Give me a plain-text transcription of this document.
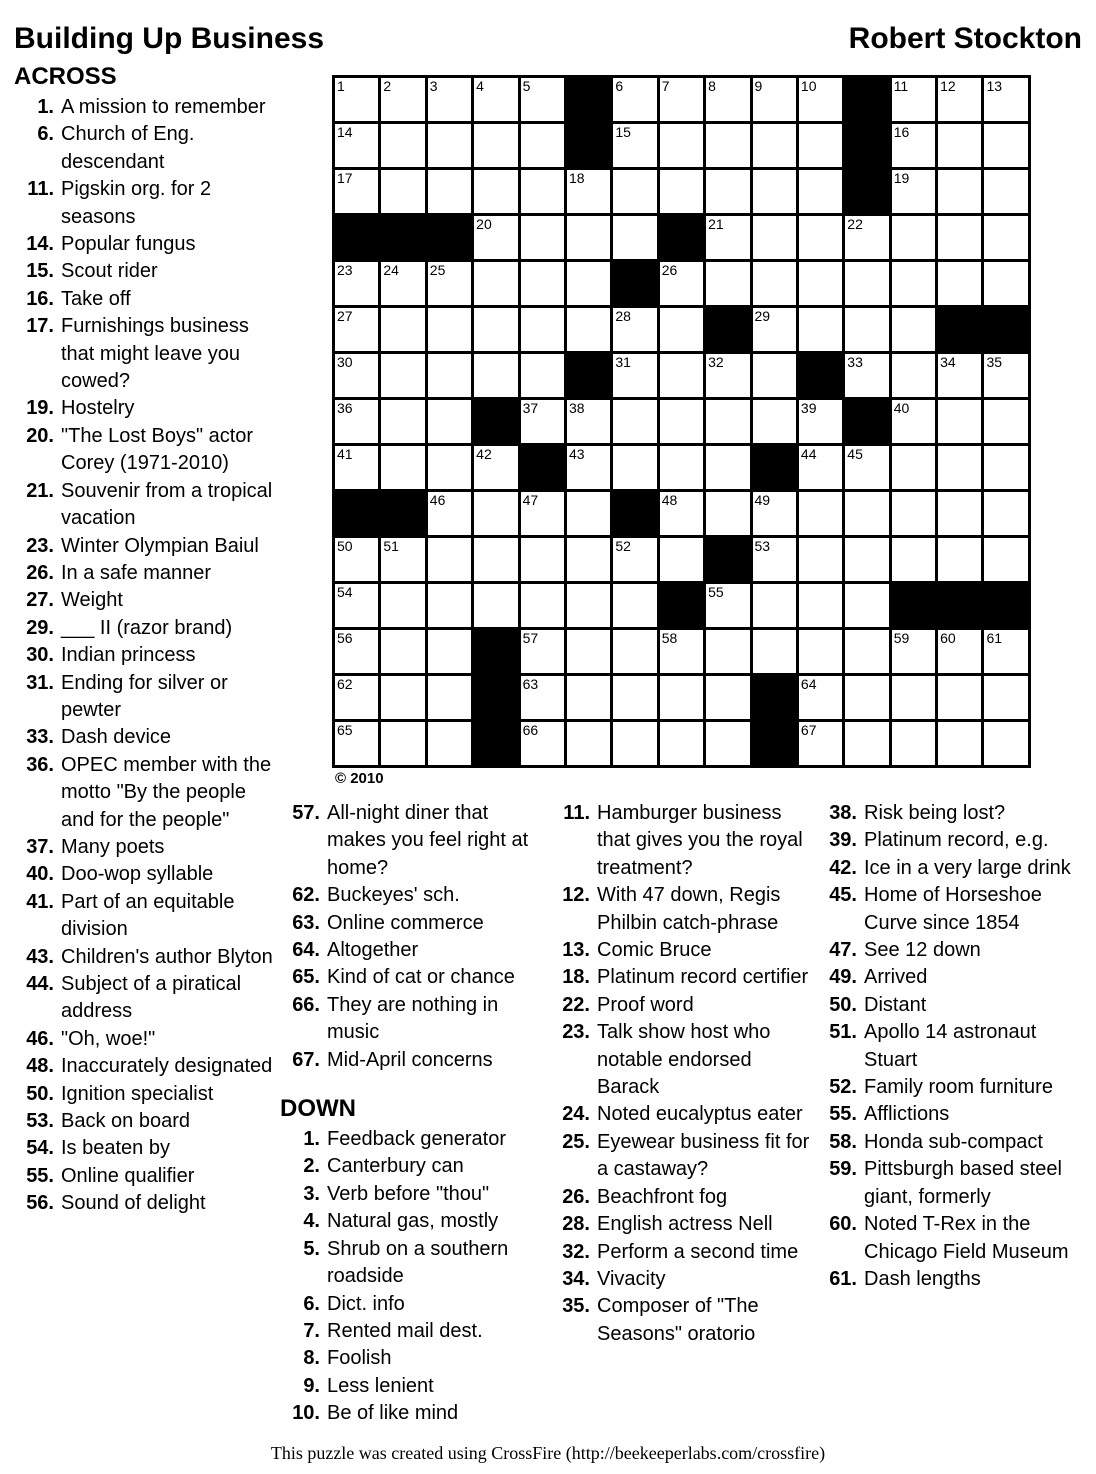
Building Up Business	Robert Stockton
ACROSS
1. A mission to remember
6. Church of Eng. descendant
11. Pigskin org. for 2 seasons
14. Popular fungus
15. Scout rider
16. Take off
17. Furnishings business that might leave you cowed?
19. Hostelry
20. "The Lost Boys" actor Corey (1971-2010)
21. Souvenir from a tropical vacation
23. Winter Olympian Baiul
26. In a safe manner
27. Weight
29. ___ II (razor brand)
30. Indian princess
31. Ending for silver or pewter
33. Dash device
36. OPEC member with the motto "By the people and for the people"
37. Many poets
40. Doo-wop syllable
41. Part of an equitable division
43. Children's author Blyton
44. Subject of a piratical address
46. "Oh, woe!"
48. Inaccurately designated
50. Ignition specialist
53. Back on board
54. Is beaten by
55. Online qualifier
56. Sound of delight
1	2	3	4	5	6	7	8	9	10	11 12 13
14	15	16
17	18	19
20	21	22
23 24 25	26
27	28	29
30	31	32	33	34 35
36	37 38	39	40
41	42	43	44 45
46	47	48	49
50 51	52	53
54	55
56	57	58	59 60 61
62	63	64
65	66	67
© 2010
57. All-night diner that makes you feel right at home?
62. Buckeyes' sch.
63. Online commerce
64. Altogether
65. Kind of cat or chance
66. They are nothing in music
67. Mid-April concerns
DOWN
1. Feedback generator
2. Canterbury can
3. Verb before "thou"
4. Natural gas, mostly
5. Shrub on a southern roadside
6. Dict. info
7. Rented mail dest.
8. Foolish
9. Less lenient
10. Be of like mind
11. Hamburger business that gives you the royal treatment?
12. With 47 down, Regis Philbin catch-phrase
13. Comic Bruce
18. Platinum record certifier
22. Proof word
23. Talk show host who notable endorsed Barack
24. Noted eucalyptus eater
25. Eyewear business fit for a castaway?
26. Beachfront fog
28. English actress Nell
32. Perform a second time
34. Vivacity
35. Composer of "The Seasons" oratorio
38. Risk being lost?
39. Platinum record, e.g.
42. Ice in a very large drink
45. Home of Horseshoe Curve since 1854
47. See 12 down
49. Arrived
50. Distant
51. Apollo 14 astronaut Stuart
52. Family room furniture
55. Afflictions
58. Honda sub-compact
59. Pittsburgh based steel giant, formerly
60. Noted T-Rex in the Chicago Field Museum
61. Dash lengths
This puzzle was created using CrossFire (http://beekeeperlabs.com/crossfire)
